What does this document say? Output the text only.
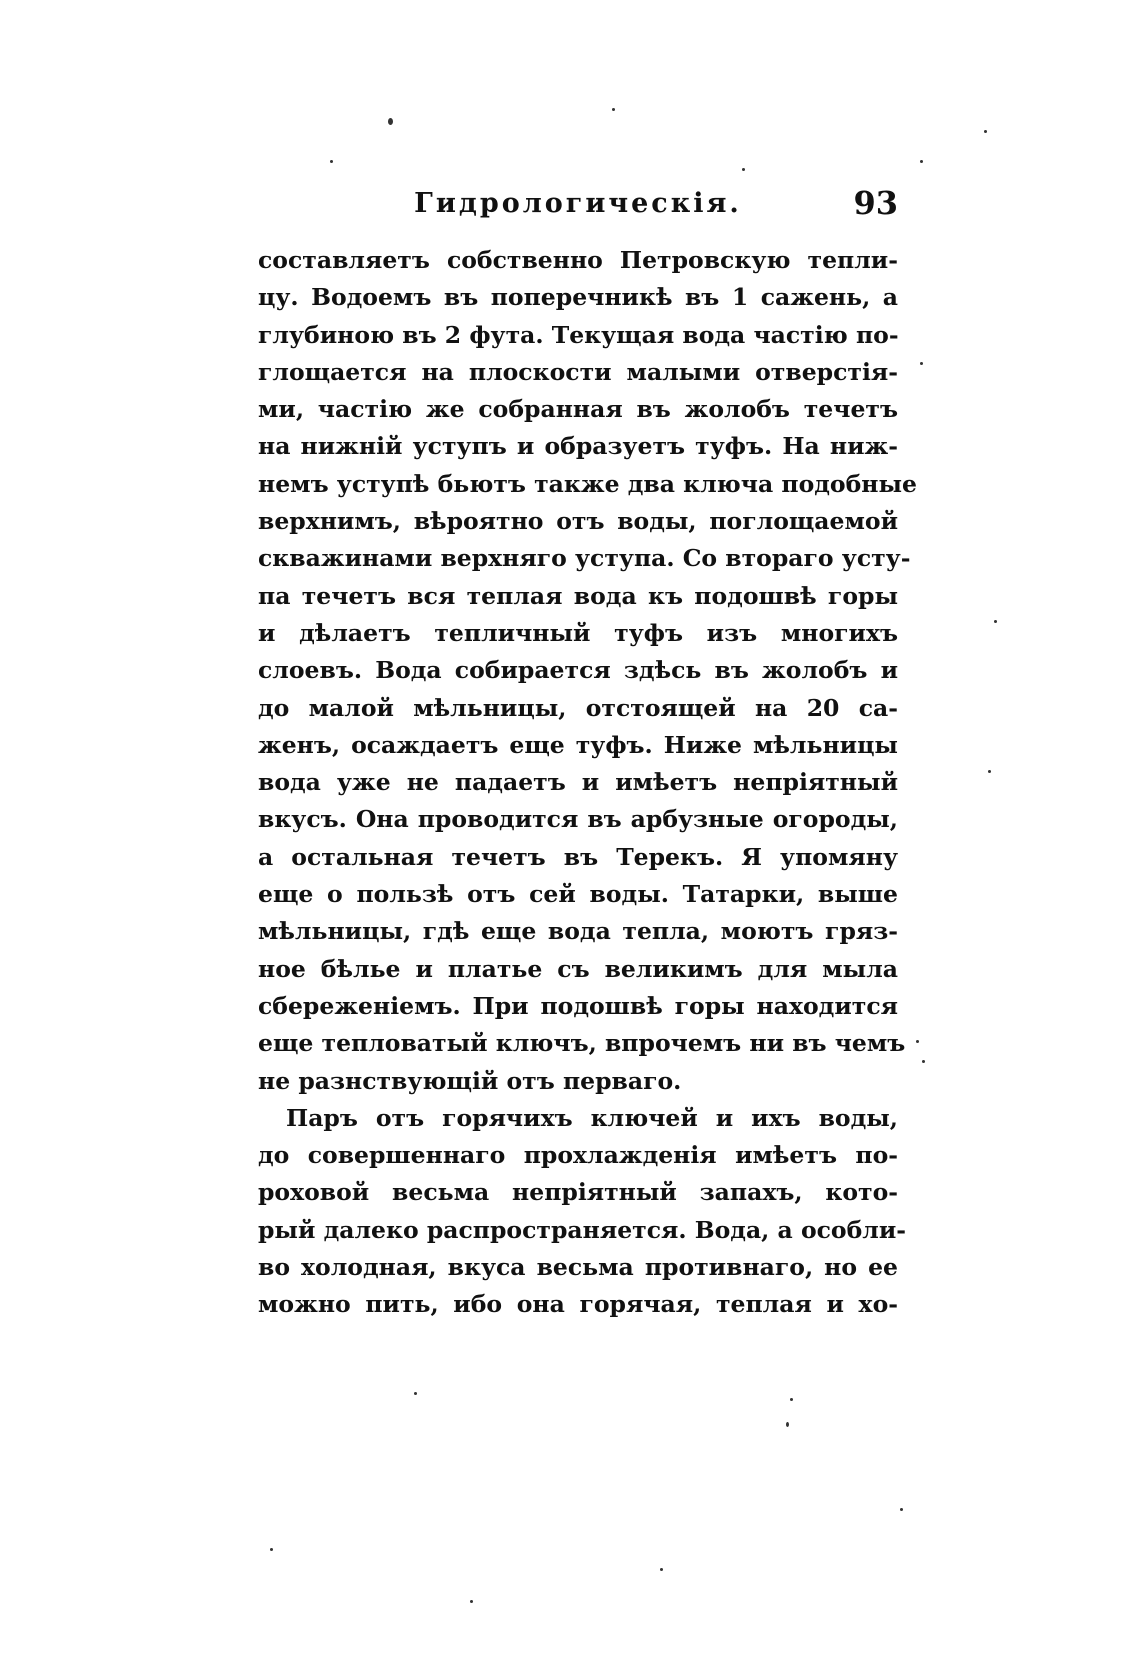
Гидрологическія.	93
составляетъ собственно Петровскую тепли-
цу. Водоемъ въ поперечникѣ въ 1 сажень, а
глубиною въ 2 фута. Текущая вода частію по-
глощается на плоскости малыми отверстія-
ми, частію же собранная въ жолобъ течетъ
на нижній уступъ и образуетъ туфъ. На ниж-
немъ уступѣ бьютъ также два ключа подобные
верхнимъ, вѣроятно отъ воды, поглощаемой
скважинами верхняго уступа. Со втораго усту-
па течетъ вся теплая вода къ подошвѣ горы
и дѣлаетъ тепличный туфъ изъ многихъ
слоевъ. Вода собирается здѣсь въ жолобъ и
до малой мѣльницы, отстоящей на 20 са-
женъ, осаждаетъ еще туфъ. Ниже мѣльницы
вода уже не падаетъ и имѣетъ непріятный
вкусъ. Она проводится въ арбузные огороды,
а остальная течетъ въ Терекъ. Я упомяну
еще о пользѣ отъ сей воды. Татарки, выше
мѣльницы, гдѣ еще вода тепла, моютъ гряз-
ное бѣлье и платье съ великимъ для мыла
сбереженіемъ. При подошвѣ горы находится
еще тепловатый ключъ, впрочемъ ни въ чемъ
не разнствующій отъ перваго.
Паръ отъ горячихъ ключей и ихъ воды,
до совершеннаго прохлажденія имѣетъ по-
роховой весьма непріятный запахъ, кото-
рый далеко распространяется. Вода, а особли-
во холодная, вкуса весьма противнаго, но ее
можно пить, ибо она горячая, теплая и хо-
